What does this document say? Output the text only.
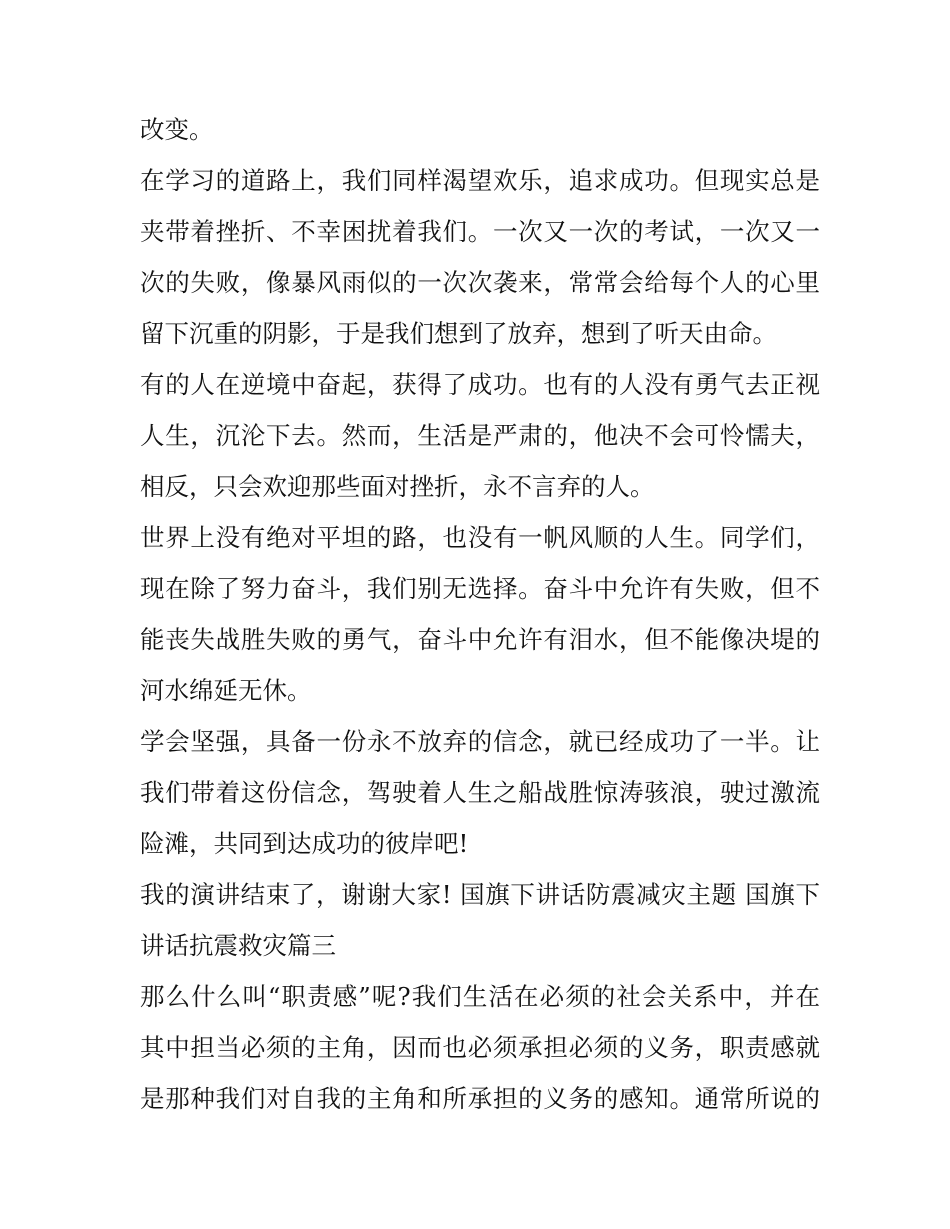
改变。
在学习的道路上，我们同样渴望欢乐，追求成功。但现实总是
夹带着挫折、不幸困扰着我们。一次又一次的考试，一次又一
次的失败，像暴风雨似的一次次袭来，常常会给每个人的心里
留下沉重的阴影，于是我们想到了放弃，想到了听天由命。
有的人在逆境中奋起，获得了成功。也有的人没有勇气去正视
人生，沉沦下去。然而，生活是严肃的，他决不会可怜懦夫，
相反，只会欢迎那些面对挫折，永不言弃的人。
世界上没有绝对平坦的路，也没有一帆风顺的人生。同学们，
现在除了努力奋斗，我们别无选择。奋斗中允许有失败，但不
能丧失战胜失败的勇气，奋斗中允许有泪水，但不能像决堤的
河水绵延无休。
学会坚强，具备一份永不放弃的信念，就已经成功了一半。让
我们带着这份信念，驾驶着人生之船战胜惊涛骇浪，驶过激流
险滩，共同到达成功的彼岸吧!
我的演讲结束了，谢谢大家! 国旗下讲话防震减灾主题 国旗下
讲话抗震救灾篇三
那么什么叫“职责感”呢?我们生活在必须的社会关系中，并在
其中担当必须的主角，因而也必须承担必须的义务，职责感就
是那种我们对自我的主角和所承担的义务的感知。通常所说的
